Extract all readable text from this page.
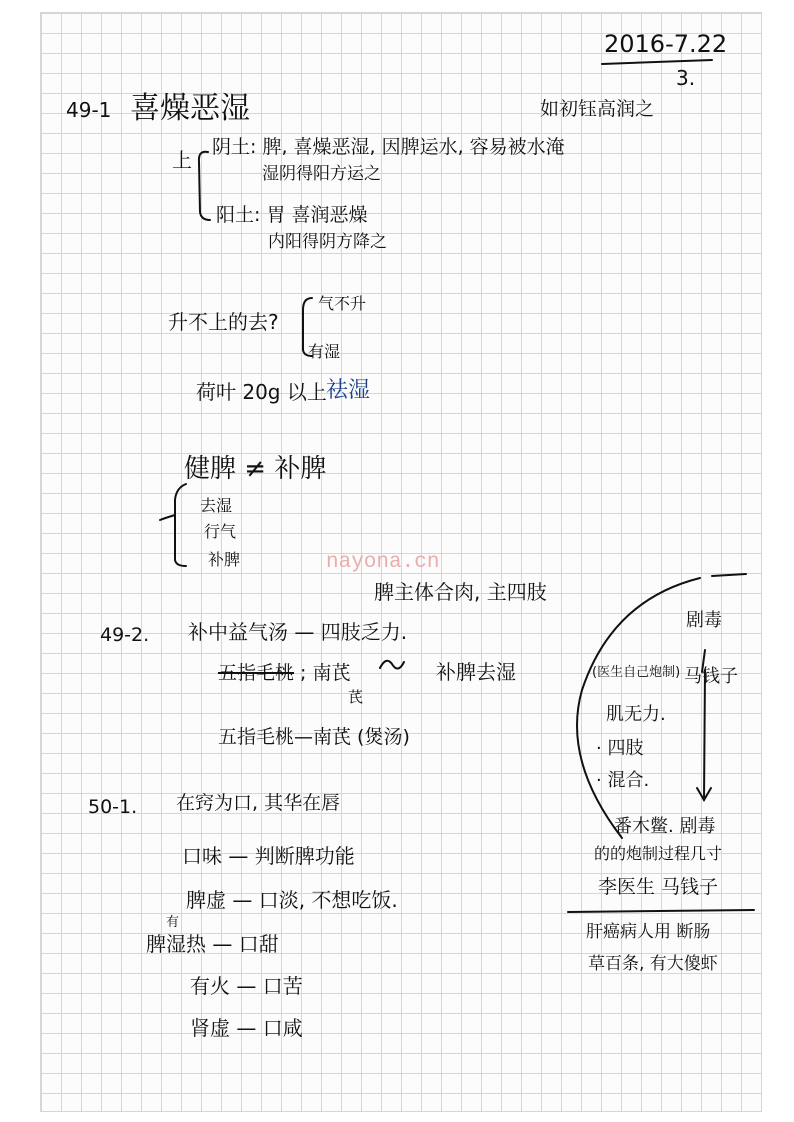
2016-7.22
3.
49-1 喜燥恶湿	如初钰高润之
上
阴土: 脾, 喜燥恶湿, 因脾运水, 容易被水淹
湿阴得阳方运之
阳土: 胃 喜润恶燥
内阳得阴方降之
升不上的去?
气不升
有湿
荷叶 20g 以上 祛湿
健脾 ≠ 补脾
去湿
行气
补脾	nayona.cn
脾主体合肉, 主四肢
49-2. 补中益气汤 — 四肢乏力.
五指毛桃 ; 南芪
芪
补脾去湿
五指毛桃—南芪 (煲汤)
50-1. 在窍为口, 其华在唇
口味 — 判断脾功能
脾虚 — 口淡, 不想吃饭.
有
脾湿热 — 口甜
有火 — 口苦
肾虚 — 口咸
剧毒
(医生自己炮制) 马钱子
肌无力.
· 四肢
· 混合.
番木鳖. 剧毒
的的炮制过程几寸
李医生 马钱子
肝癌病人用 断肠
草百条, 有大傻虾
